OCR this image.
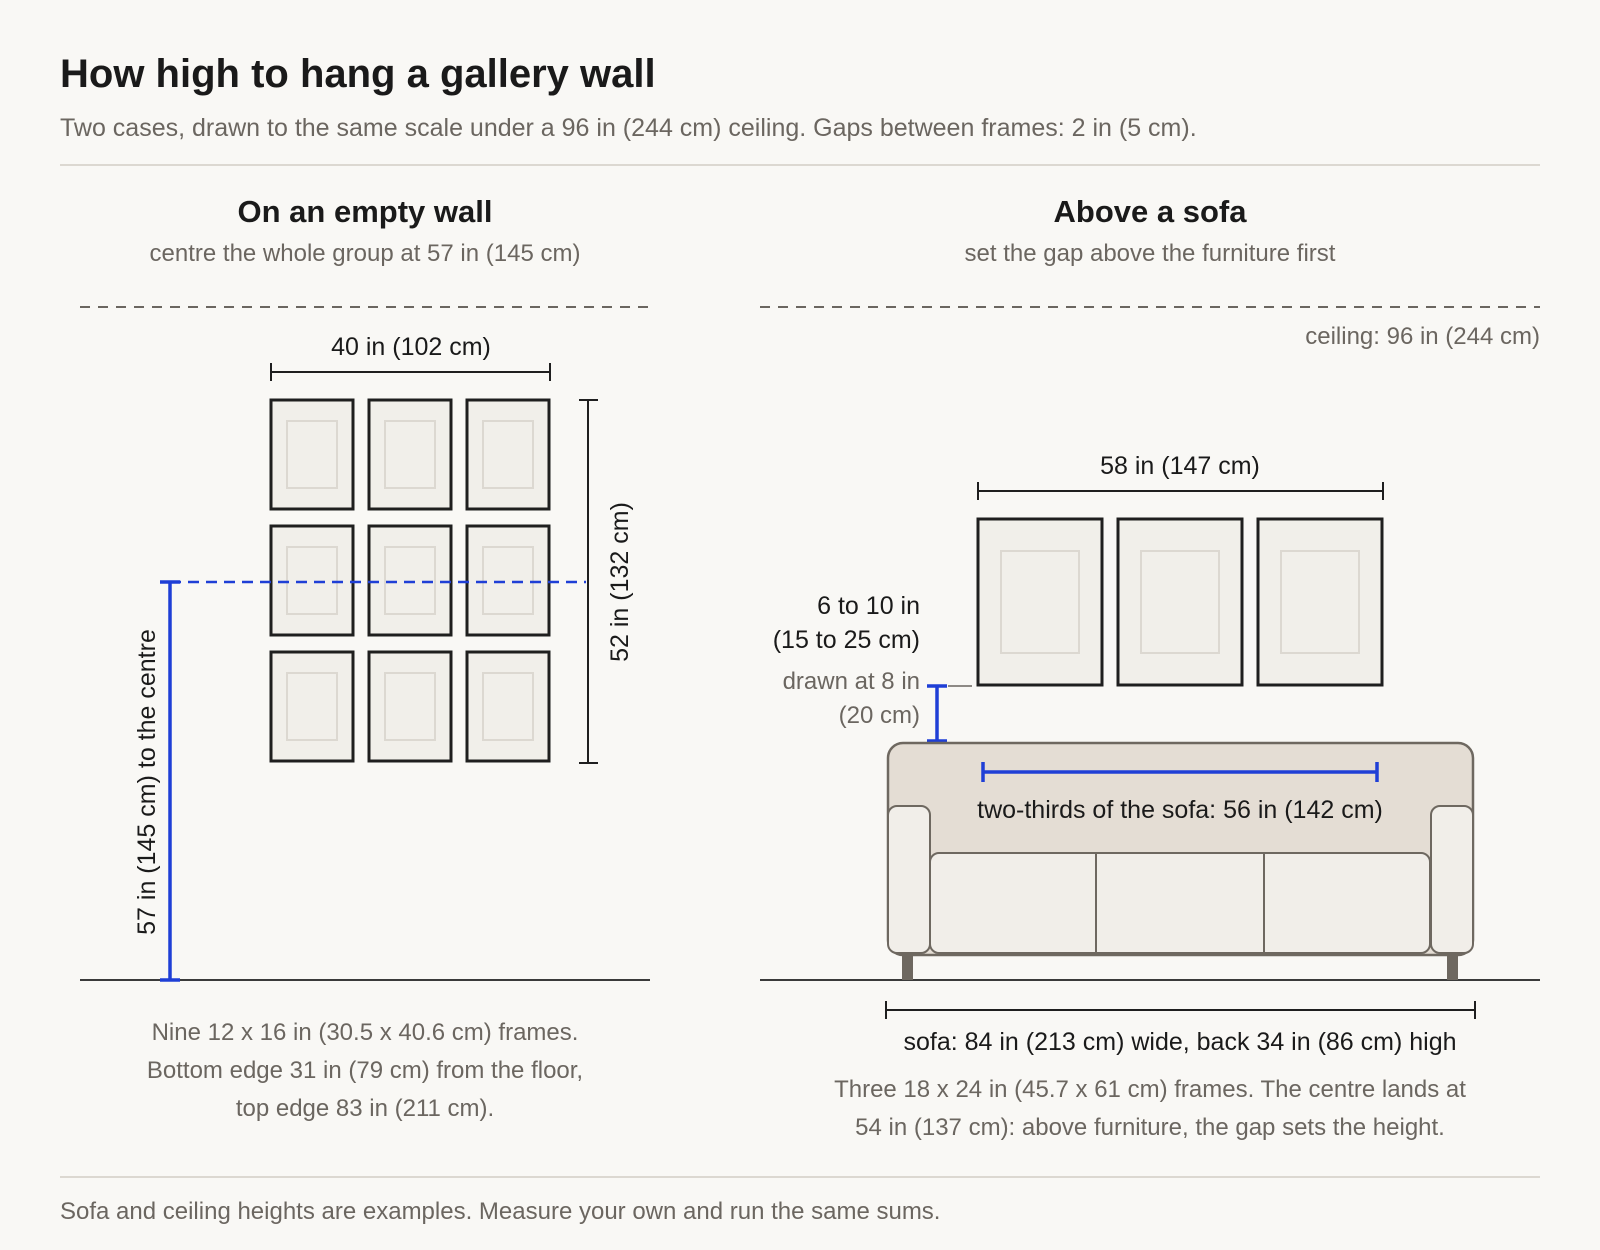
How high to hang a gallery wall

Two cases, drawn to the same scale under a 96 in (244 cm) ceiling. Gaps between frames: 2 in (5 cm).

On an empty wall
centre the whole group at 57 in (145 cm)
Above a sofa
set the gap above the furniture first
40 in (102 cm)
52 in (132 cm)
57 in (145 cm) to the centre
ceiling: 96 in (244 cm)
58 in (147 cm)
6 to 10 in
(15 to 25 cm)
drawn at 8 in
(20 cm)
two-thirds of the sofa: 56 in (142 cm)
sofa: 84 in (213 cm) wide, back 34 in (86 cm) high
Nine 12 x 16 in (30.5 x 40.6 cm) frames.
Bottom edge 31 in (79 cm) from the floor,
top edge 83 in (211 cm).
Three 18 x 24 in (45.7 x 61 cm) frames. The centre lands at
54 in (137 cm): above furniture, the gap sets the height.
Sofa and ceiling heights are examples. Measure your own and run the same sums.
